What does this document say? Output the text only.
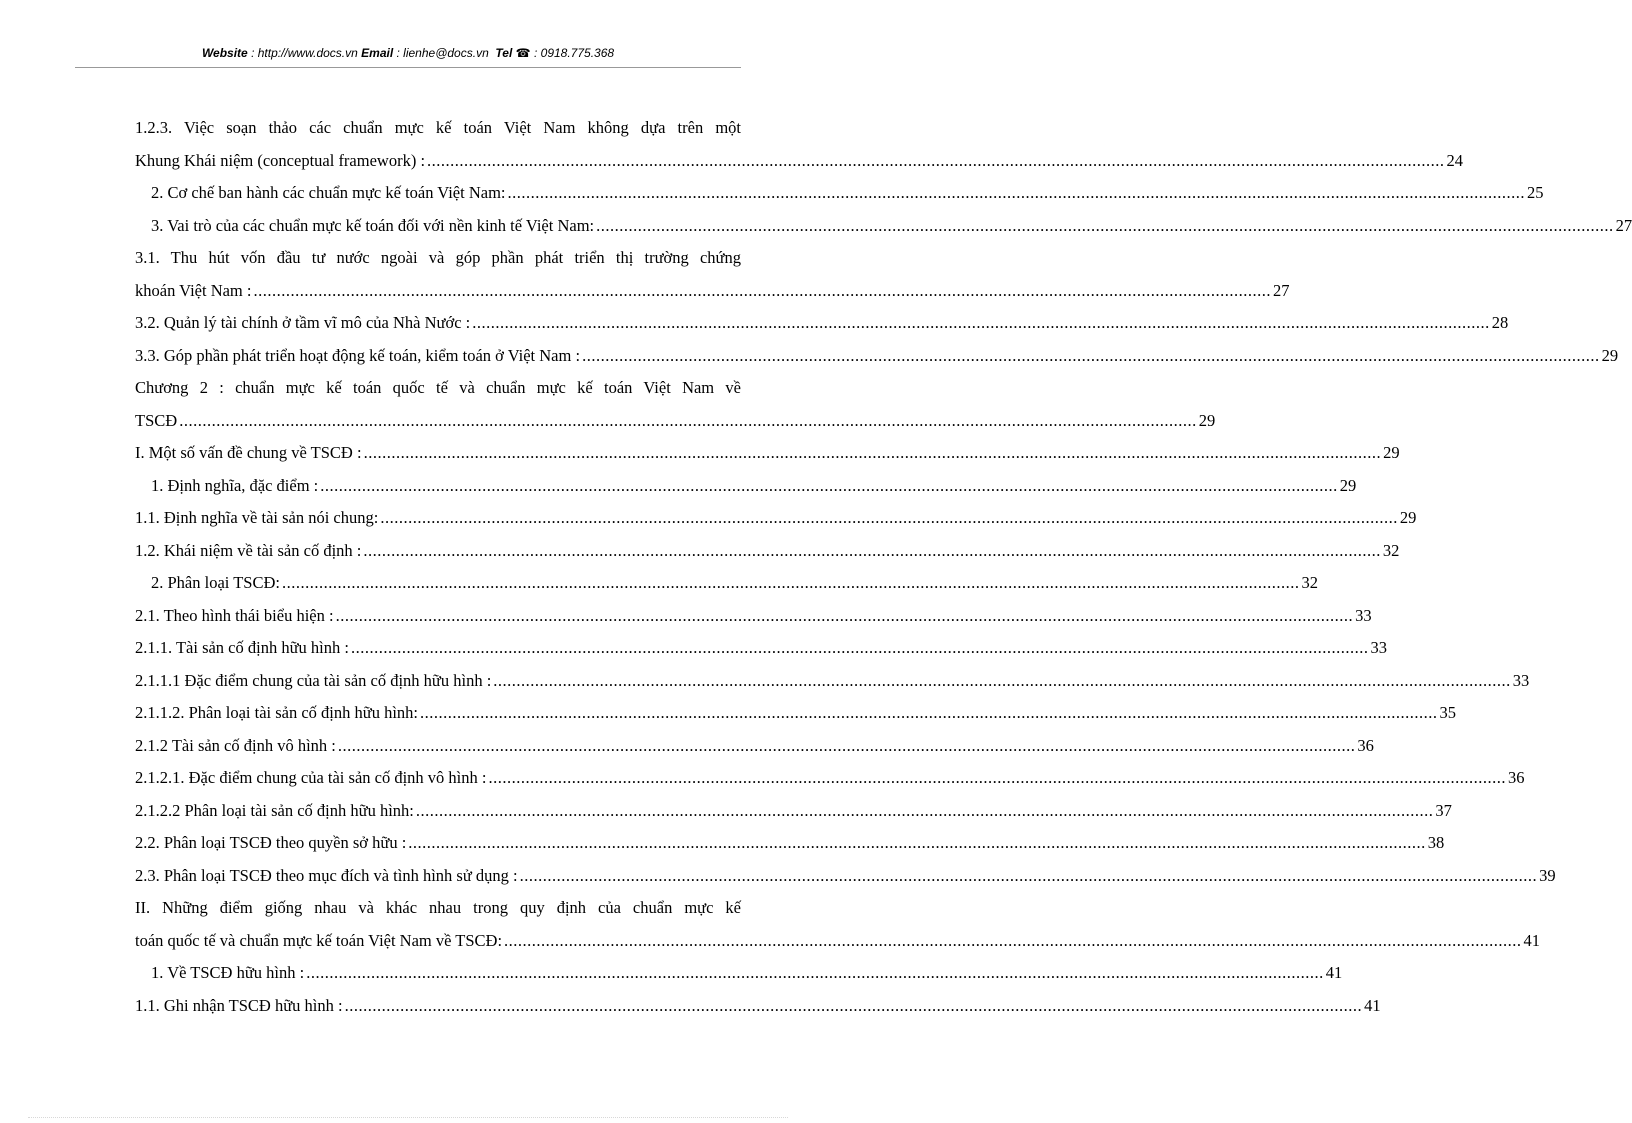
Website : http://www.docs.vn Email : lienhe@docs.vn Tel ☎ : 0918.775.368
1.2.3. Việc soạn thảo các chuẩn mực kế toán Việt Nam không dựa trên một
Khung Khái niệm (conceptual framework) : ............................................................................................................................................................................................................................ 24
2. Cơ chế ban hành các chuẩn mực kế toán Việt Nam: ............................................................................................................................................................................................................................ 25
3. Vai trò của các chuẩn mực kế toán đối với nền kinh tế Việt Nam: ............................................................................................................................................................................................................................ 27
3.1. Thu hút vốn đầu tư nước ngoài và góp phần phát triển thị trường chứng
khoán Việt Nam : ............................................................................................................................................................................................................................ 27
3.2. Quản lý tài chính ở tầm vĩ mô của Nhà Nước : ............................................................................................................................................................................................................................ 28
3.3. Góp phần phát triển hoạt động kế toán, kiểm toán ở Việt Nam : ............................................................................................................................................................................................................................ 29
Chương 2 : chuẩn mực kế toán quốc tế và chuẩn mực kế toán Việt Nam về
TSCĐ ............................................................................................................................................................................................................................ 29
I. Một số vấn đề chung về TSCĐ : ............................................................................................................................................................................................................................ 29
1. Định nghĩa, đặc điểm : ............................................................................................................................................................................................................................ 29
1.1. Định nghĩa về tài sản nói chung: ............................................................................................................................................................................................................................ 29
1.2. Khái niệm về tài sản cố định : ............................................................................................................................................................................................................................ 32
2. Phân loại TSCĐ: ............................................................................................................................................................................................................................ 32
2.1. Theo hình thái biểu hiện : ............................................................................................................................................................................................................................ 33
2.1.1. Tài sản cố định hữu hình : ............................................................................................................................................................................................................................ 33
2.1.1.1 Đặc điểm chung của tài sản cố định hữu hình : ............................................................................................................................................................................................................................ 33
2.1.1.2. Phân loại tài sản cố định hữu hình: ............................................................................................................................................................................................................................ 35
2.1.2 Tài sản cố định vô hình : ............................................................................................................................................................................................................................ 36
2.1.2.1. Đặc điểm chung của tài sản cố định vô hình : ............................................................................................................................................................................................................................ 36
2.1.2.2 Phân loại tài sản cố định hữu hình: ............................................................................................................................................................................................................................ 37
2.2. Phân loại TSCĐ theo quyền sở hữu : ............................................................................................................................................................................................................................ 38
2.3. Phân loại TSCĐ theo mục đích và tình hình sử dụng : ............................................................................................................................................................................................................................ 39
II. Những điểm giống nhau và khác nhau trong quy định của chuẩn mực kế
toán quốc tế và chuẩn mực kế toán Việt Nam về TSCĐ: ............................................................................................................................................................................................................................ 41
1. Về TSCĐ hữu hình : ............................................................................................................................................................................................................................ 41
1.1. Ghi nhận TSCĐ hữu hình : ............................................................................................................................................................................................................................ 41
